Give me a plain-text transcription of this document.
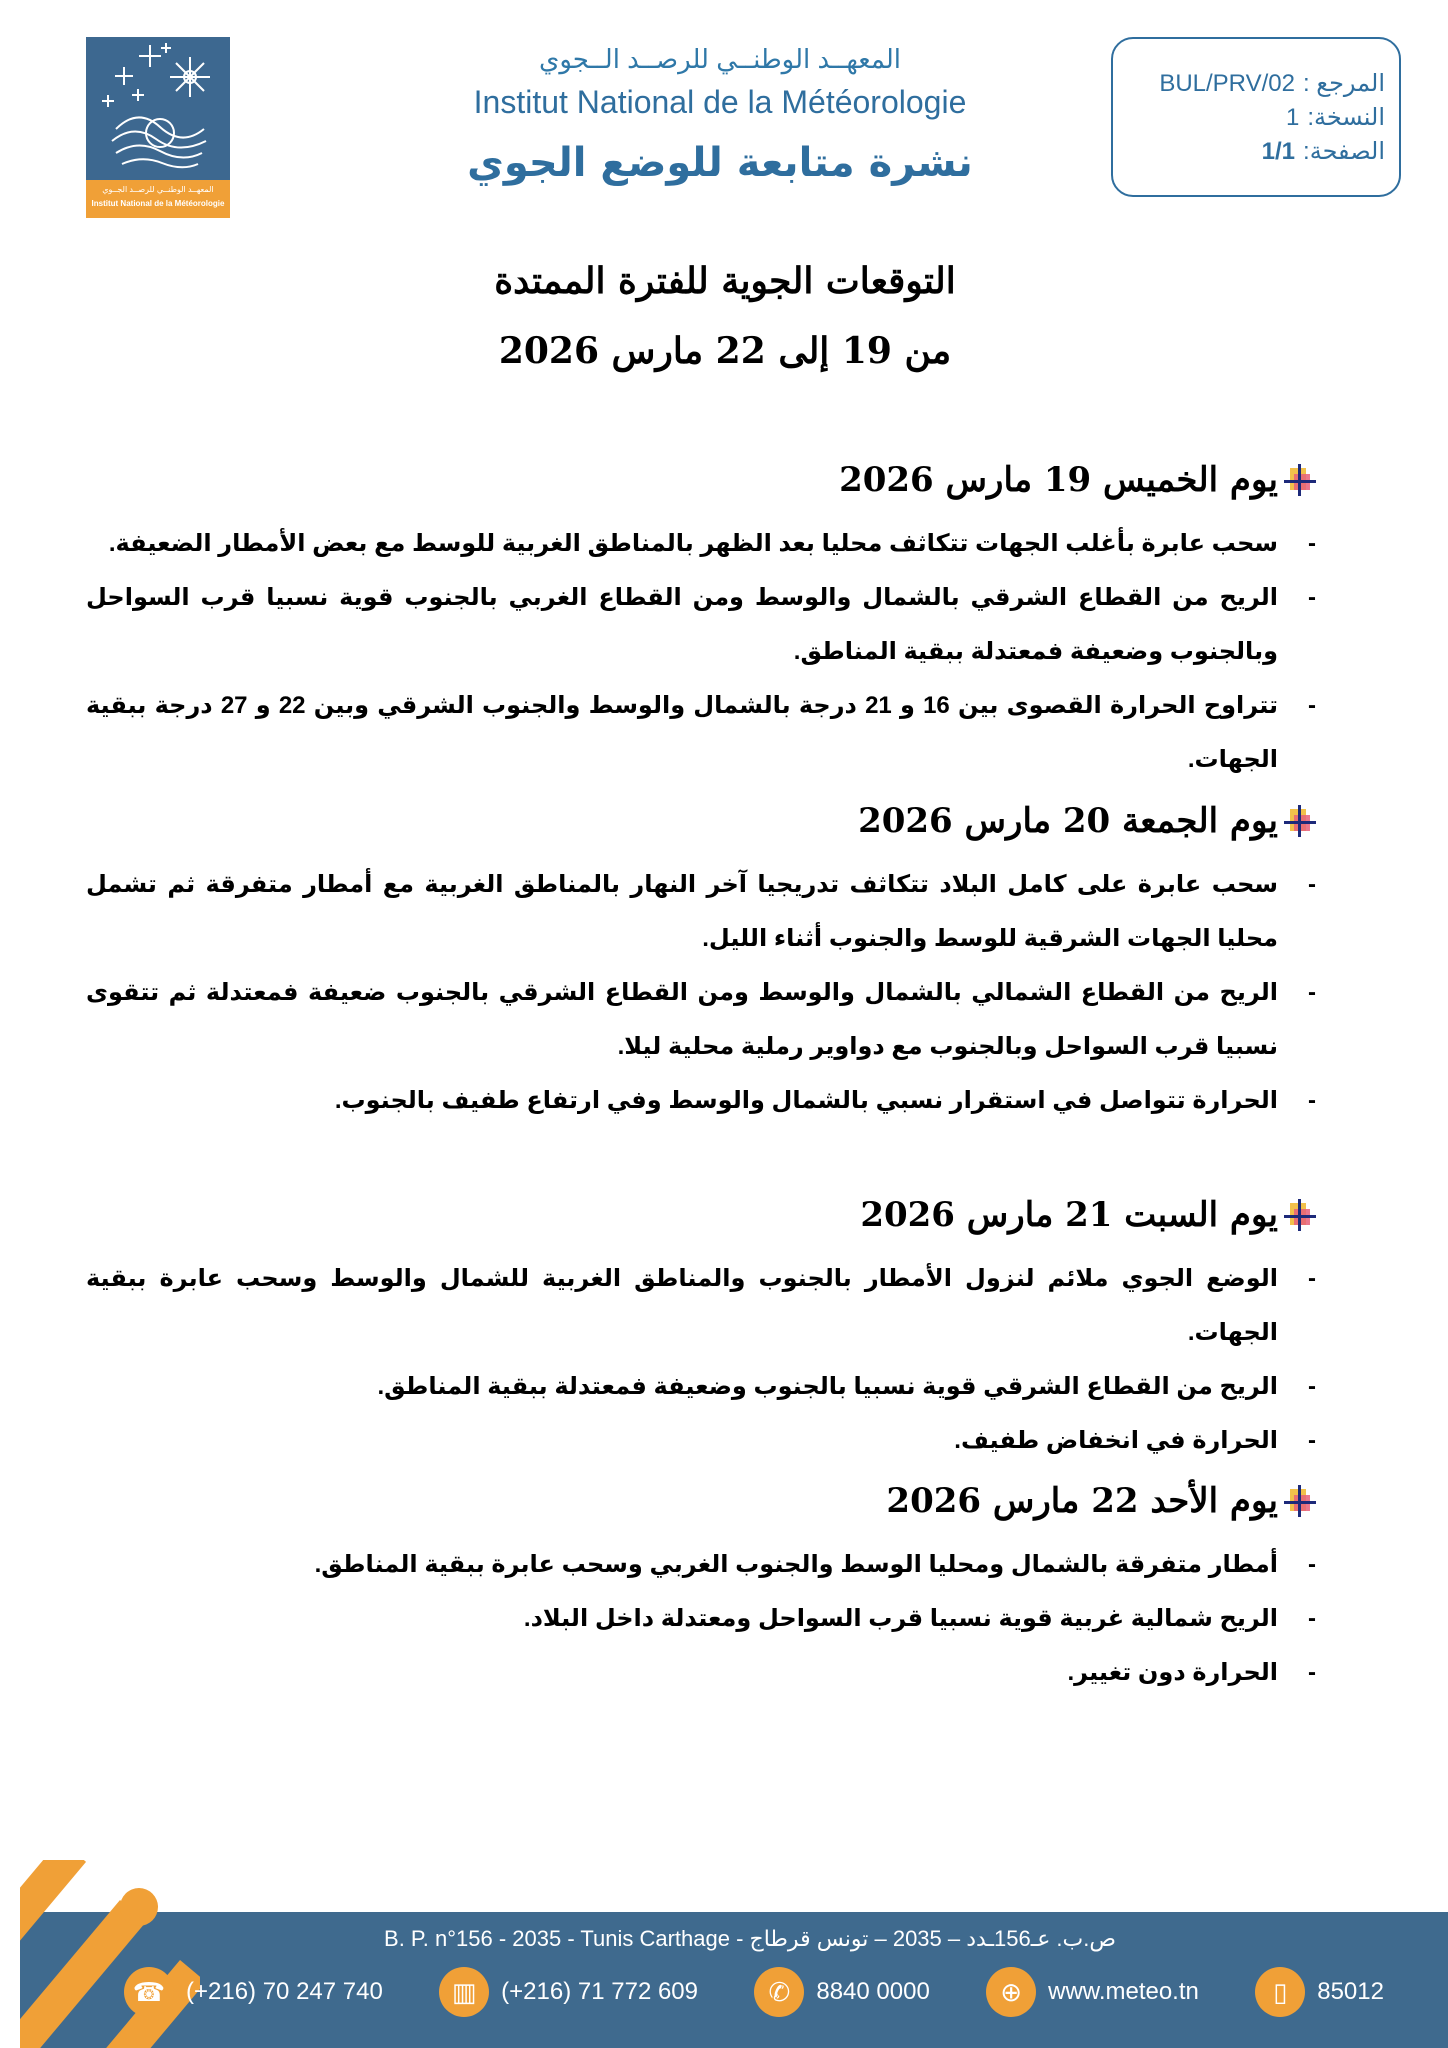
المعهــد الوطنــي للرصــد الجــوي
Institut National de la Météorologie
المعهــد الوطنــي للرصــد الــجوي
Institut National de la Météorologie
نشرة متابعة للوضع الجوي
المرجع :
BUL/PRV/02
النسخة:
1
الصفحة:
1/1
التوقعات الجوية للفترة الممتدة
من 19 إلى 22 مارس 2026
يوم الخميس 19 مارس 2026
- سحب عابرة بأغلب الجهات تتكاثف محليا بعد الظهر بالمناطق الغربية للوسط مع بعض الأمطار الضعيفة.
- الريح من القطاع الشرقي بالشمال والوسط ومن القطاع الغربي بالجنوب قوية نسبيا قرب السواحل وبالجنوب وضعيفة فمعتدلة ببقية المناطق.
- تتراوح الحرارة القصوى بين 16 و 21 درجة بالشمال والوسط والجنوب الشرقي وبين 22 و 27 درجة ببقية الجهات.
يوم الجمعة 20 مارس 2026
- سحب عابرة على كامل البلاد تتكاثف تدريجيا آخر النهار بالمناطق الغربية مع أمطار متفرقة ثم تشمل محليا الجهات الشرقية للوسط والجنوب أثناء الليل.
- الريح من القطاع الشمالي بالشمال والوسط ومن القطاع الشرقي بالجنوب ضعيفة فمعتدلة ثم تتقوى نسبيا قرب السواحل وبالجنوب مع دواوير رملية محلية ليلا.
- الحرارة تتواصل في استقرار نسبي بالشمال والوسط وفي ارتفاع طفيف بالجنوب.
يوم السبت 21 مارس 2026
- الوضع الجوي ملائم لنزول الأمطار بالجنوب والمناطق الغربية للشمال والوسط وسحب عابرة ببقية الجهات.
- الريح من القطاع الشرقي قوية نسبيا بالجنوب وضعيفة فمعتدلة ببقية المناطق.
- الحرارة في انخفاض طفيف.
يوم الأحد 22 مارس 2026
- أمطار متفرقة بالشمال ومحليا الوسط والجنوب الغربي وسحب عابرة ببقية المناطق.
- الريح شمالية غربية قوية نسبيا قرب السواحل ومعتدلة داخل البلاد.
- الحرارة دون تغيير.
B. P. n°156 - 2035 - Tunis Carthage - ص.ب. عـ156ـدد – 2035 – تونس قرطاج
☎ (+216) 70 247 740	▥	(+216) 71 772 609	✆	8840 0000	⊕	www.meteo.tn	▯	85012
